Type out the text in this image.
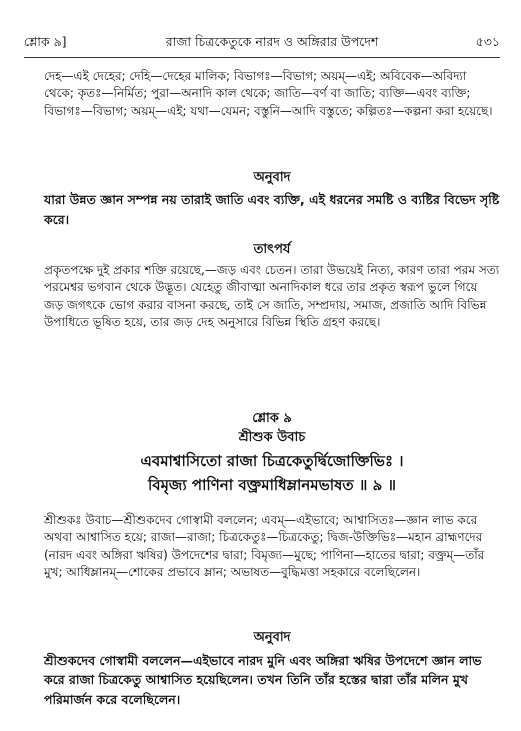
শ্লোক ৯]	রাজা চিত্রকেতুকে নারদ ও অঙ্গিরার উপদেশ	৫৩১

দেহ—এই দেহের; দেহি—দেহের মালিক; বিভাগঃ—বিভাগ; অয়ম্—এই; অবিবেক—অবিদ্যা থেকে; কৃতঃ—নির্মিত; পুরা—অনাদি কাল থেকে; জাতি—বর্ণ বা জাতি; ব্যক্তি—এবং ব্যক্তি; বিভাগঃ—বিভাগ; অয়ম্—এই; যথা—যেমন; বস্তুনি—আদি বস্তুতে; কল্পিতঃ—কল্পনা করা হয়েছে।

অনুবাদ

যারা উন্নত জ্ঞান সম্পন্ন নয় তারাই জাতি এবং ব্যক্তি, এই ধরনের সমষ্টি ও ব্যষ্টির বিভেদ সৃষ্টি করে।

তাৎপর্য

প্রকৃতপক্ষে দুই প্রকার শক্তি রয়েছে,—জড় এবং চেতন। তারা উভয়েই নিত্য, কারণ তারা পরম সত্য পরমেশ্বর ভগবান থেকে উদ্ভূত। যেহেতু জীবাত্মা অনাদিকাল ধরে তার প্রকৃত স্বরূপ ভুলে গিয়ে জড় জগৎকে ভোগ করার বাসনা করছে, তাই সে জাতি, সম্প্রদায়, সমাজ, প্রজাতি আদি বিভিন্ন উপাধিতে ভূষিত হয়ে, তার জড় দেহ অনুসারে বিভিন্ন স্থিতি গ্রহণ করছে।

শ্লোক ৯
শ্রীশুক উবাচ
এবমাশ্বাসিতো রাজা চিত্রকেতুর্দ্বিজোক্তিভিঃ ।
বিমৃজ্য পাণিনা বক্ত্রমাধিম্লানমভাষত ॥ ৯ ॥

শ্রীশুকঃ উবাচ—শ্রীশুকদেব গোস্বামী বললেন; এবম্—এইভাবে; আশ্বাসিতঃ—জ্ঞান লাভ করে অথবা আশ্বাসিত হয়ে; রাজা—রাজা; চিত্রকেতুঃ—চিত্রকেতু; দ্বিজ-উক্তিভিঃ—মহান ব্রাহ্মণদের (নারদ এবং অঙ্গিরা ঋষির) উপদেশের দ্বারা; বিমৃজ্য—মুছে; পাণিনা—হাতের দ্বারা; বক্ত্রম্—তাঁর মুখ; আধিম্লানম্—শোকের প্রভাবে ম্লান; অভাষত—বুদ্ধিমত্তা সহকারে বলেছিলেন।

অনুবাদ

শ্রীশুকদেব গোস্বামী বললেন—এইভাবে নারদ মুনি এবং অঙ্গিরা ঋষির উপদেশে জ্ঞান লাভ করে রাজা চিত্রকেতু আশ্বাসিত হয়েছিলেন। তখন তিনি তাঁর হস্তের দ্বারা তাঁর মলিন মুখ পরিমার্জন করে বলেছিলেন।
